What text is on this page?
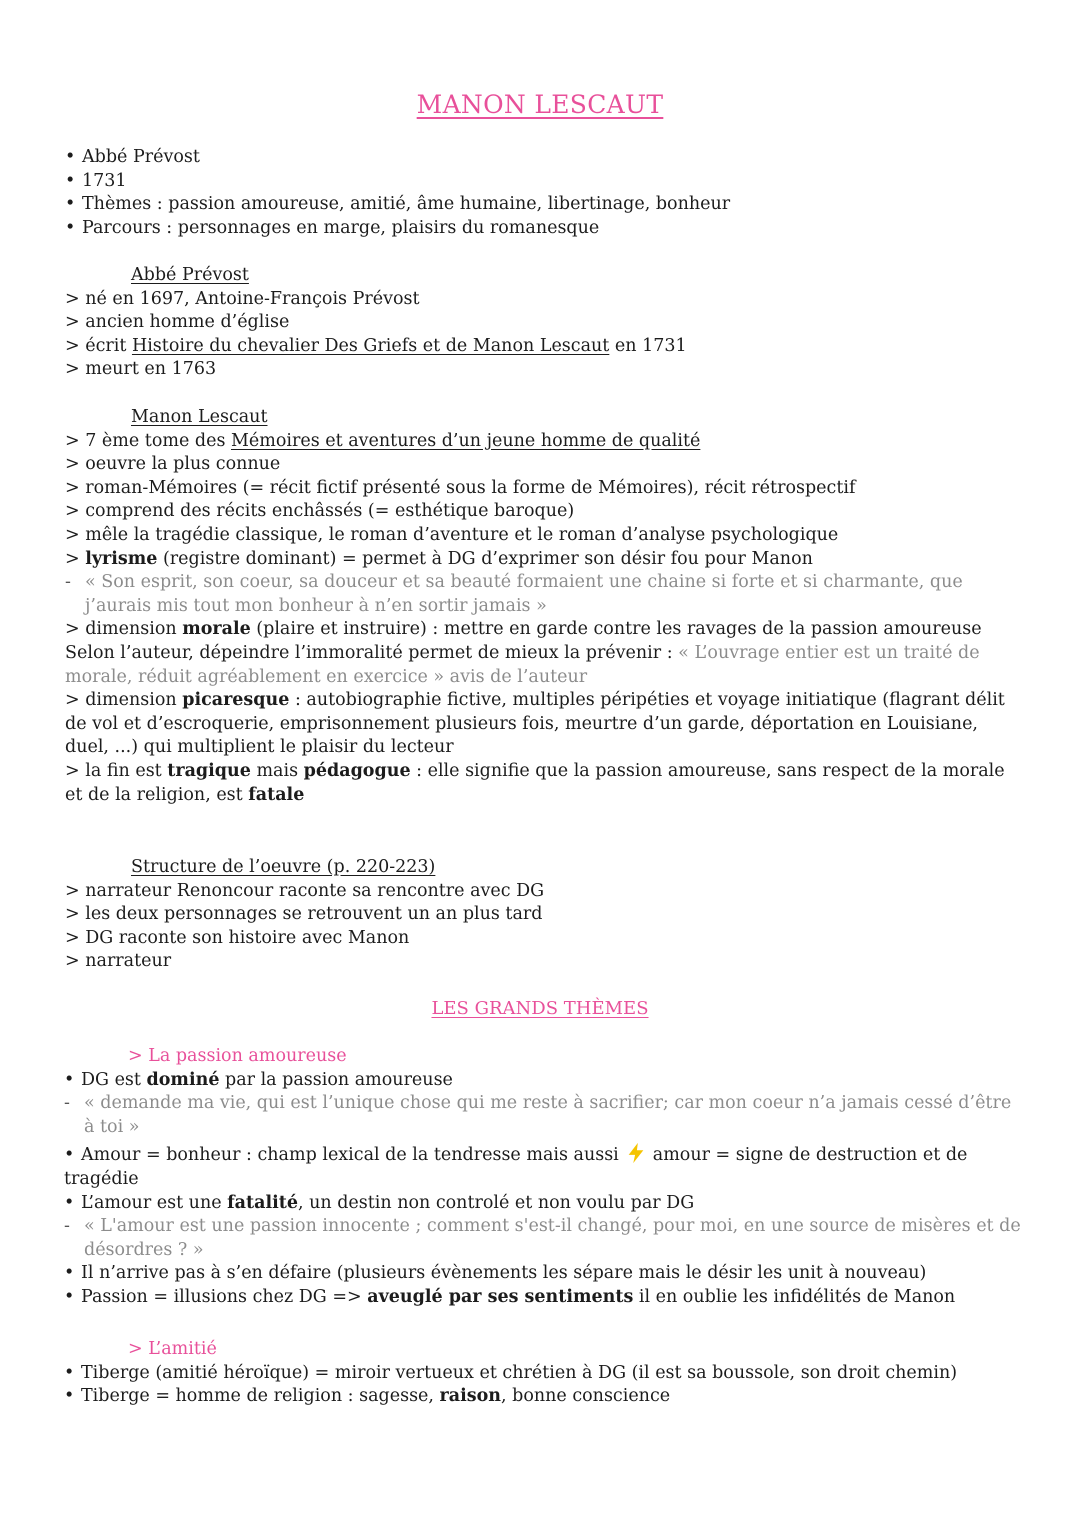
MANON LESCAUT
• Abbé Prévost
• 1731
• Thèmes : passion amoureuse, amitié, âme humaine, libertinage, bonheur
• Parcours : personnages en marge, plaisirs du romanesque
Abbé Prévost
> né en 1697, Antoine-François Prévost
> ancien homme d’église
> écrit Histoire du chevalier Des Griefs et de Manon Lescaut en 1731
> meurt en 1763
Manon Lescaut
> 7 ème tome des Mémoires et aventures d’un jeune homme de qualité
> oeuvre la plus connue
> roman-Mémoires (= récit fictif présenté sous la forme de Mémoires), récit rétrospectif
> comprend des récits enchâssés (= esthétique baroque)
> mêle la tragédie classique, le roman d’aventure et le roman d’analyse psychologique
> lyrisme (registre dominant) = permet à DG d’exprimer son désir fou pour Manon
- « Son esprit, son coeur, sa douceur et sa beauté formaient une chaine si forte et si charmante, que j’aurais mis tout mon bonheur à n’en sortir jamais »
> dimension morale (plaire et instruire) : mettre en garde contre les ravages de la passion amoureuse
Selon l’auteur, dépeindre l’immoralité permet de mieux la prévenir : « L’ouvrage entier est un traité de morale, réduit agréablement en exercice » avis de l’auteur
> dimension picaresque : autobiographie fictive, multiples péripéties et voyage initiatique (flagrant délit de vol et d’escroquerie, emprisonnement plusieurs fois, meurtre d’un garde, déportation en Louisiane, duel, ...) qui multiplient le plaisir du lecteur
> la fin est tragique mais pédagogue : elle signifie que la passion amoureuse, sans respect de la morale et de la religion, est fatale
Structure de l’oeuvre (p. 220-223)
> narrateur Renoncour raconte sa rencontre avec DG
> les deux personnages se retrouvent un an plus tard
> DG raconte son histoire avec Manon
> narrateur
LES GRANDS THÈMES
> La passion amoureuse
• DG est dominé par la passion amoureuse
- « demande ma vie, qui est l’unique chose qui me reste à sacrifier; car mon coeur n’a jamais cessé d’être à toi »
• Amour = bonheur : champ lexical de la tendresse mais aussi amour = signe de destruction et de tragédie
• L’amour est une fatalité, un destin non controlé et non voulu par DG
- « L'amour est une passion innocente ; comment s'est-il changé, pour moi, en une source de misères et de désordres ? »
• Il n’arrive pas à s’en défaire (plusieurs évènements les sépare mais le désir les unit à nouveau)
• Passion = illusions chez DG => aveuglé par ses sentiments il en oublie les infidélités de Manon
> L’amitié
• Tiberge (amitié héroïque) = miroir vertueux et chrétien à DG (il est sa boussole, son droit chemin)
• Tiberge = homme de religion : sagesse, raison, bonne conscience
